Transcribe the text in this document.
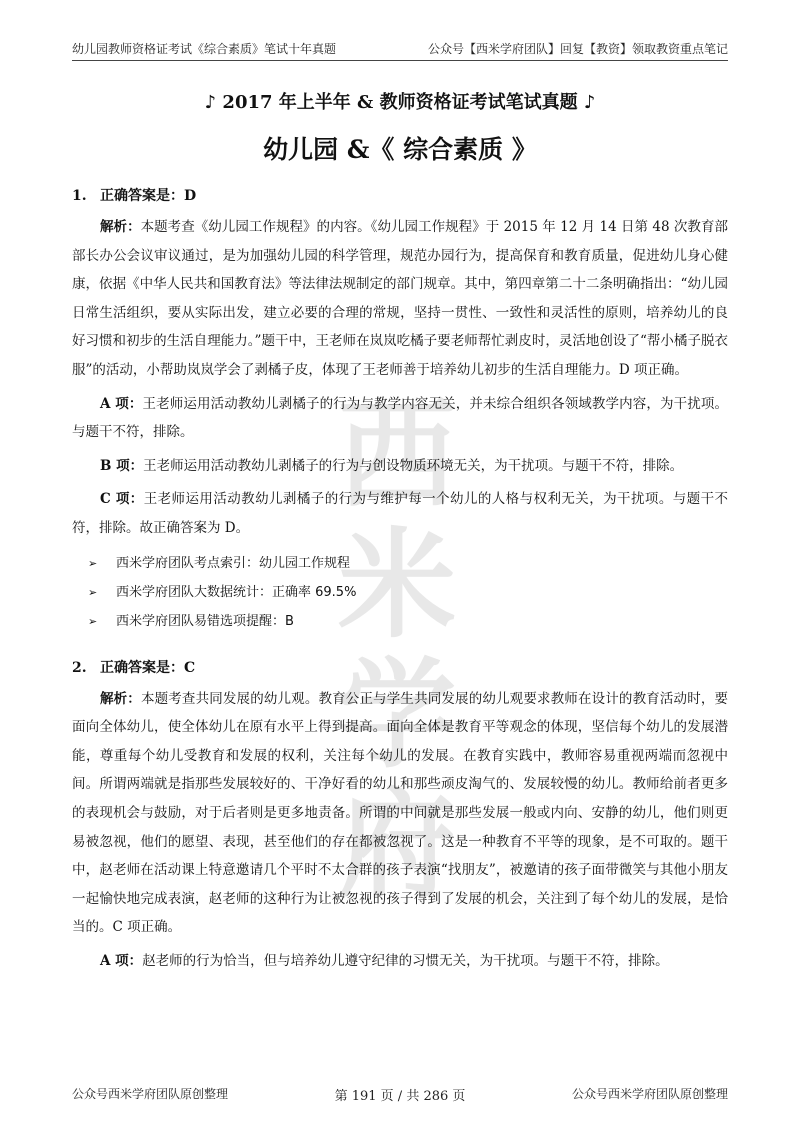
幼儿园教师资格证考试《综合素质》笔试十年真题	公众号【西米学府团队】回复【教资】领取教资重点笔记
西米
学府
♪ 2017 年上半年 & 教师资格证考试笔试真题 ♪
幼儿园 &《 综合素质 》
1. 正确答案是：D

解析：本题考查《幼儿园工作规程》的内容。《幼儿园工作规程》于 2015 年 12 月 14 日第 48 次教育部部长办公会议审议通过，是为加强幼儿园的科学管理，规范办园行为，提高保育和教育质量，促进幼儿身心健康，依据《中华人民共和国教育法》等法律法规制定的部门规章。其中，第四章第二十二条明确指出：“幼儿园日常生活组织，要从实际出发，建立必要的合理的常规，坚持一贯性、一致性和灵活性的原则，培养幼儿的良好习惯和初步的生活自理能力。”题干中，王老师在岚岚吃橘子要老师帮忙剥皮时，灵活地创设了“帮小橘子脱衣服”的活动，小帮助岚岚学会了剥橘子皮，体现了王老师善于培养幼儿初步的生活自理能力。D 项正确。

A 项：王老师运用活动教幼儿剥橘子的行为与教学内容无关，并未综合组织各领域教学内容，为干扰项。与题干不符，排除。

B 项：王老师运用活动教幼儿剥橘子的行为与创设物质环境无关，为干扰项。与题干不符，排除。

C 项：王老师运用活动教幼儿剥橘子的行为与维护每一个幼儿的人格与权利无关，为干扰项。与题干不符，排除。故正确答案为 D。

➢ 西米学府团队考点索引：幼儿园工作规程
➢ 西米学府团队大数据统计：正确率 69.5%
➢ 西米学府团队易错选项提醒：B
2. 正确答案是：C

解析：本题考查共同发展的幼儿观。教育公正与学生共同发展的幼儿观要求教师在设计的教育活动时，要面向全体幼儿，使全体幼儿在原有水平上得到提高。面向全体是教育平等观念的体现，坚信每个幼儿的发展潜能，尊重每个幼儿受教育和发展的权利，关注每个幼儿的发展。在教育实践中，教师容易重视两端而忽视中间。所谓两端就是指那些发展较好的、干净好看的幼儿和那些顽皮淘气的、发展较慢的幼儿。教师给前者更多的表现机会与鼓励，对于后者则是更多地责备。所谓的中间就是那些发展一般或内向、安静的幼儿，他们则更易被忽视，他们的愿望、表现，甚至他们的存在都被忽视了。这是一种教育不平等的现象，是不可取的。题干中，赵老师在活动课上特意邀请几个平时不太合群的孩子表演“找朋友”，被邀请的孩子面带微笑与其他小朋友一起愉快地完成表演，赵老师的这种行为让被忽视的孩子得到了发展的机会，关注到了每个幼儿的发展，是恰当的。C 项正确。

A 项：赵老师的行为恰当，但与培养幼儿遵守纪律的习惯无关，为干扰项。与题干不符，排除。

公众号西米学府团队原创整理	第 191 页 / 共 286 页	公众号西米学府团队原创整理
